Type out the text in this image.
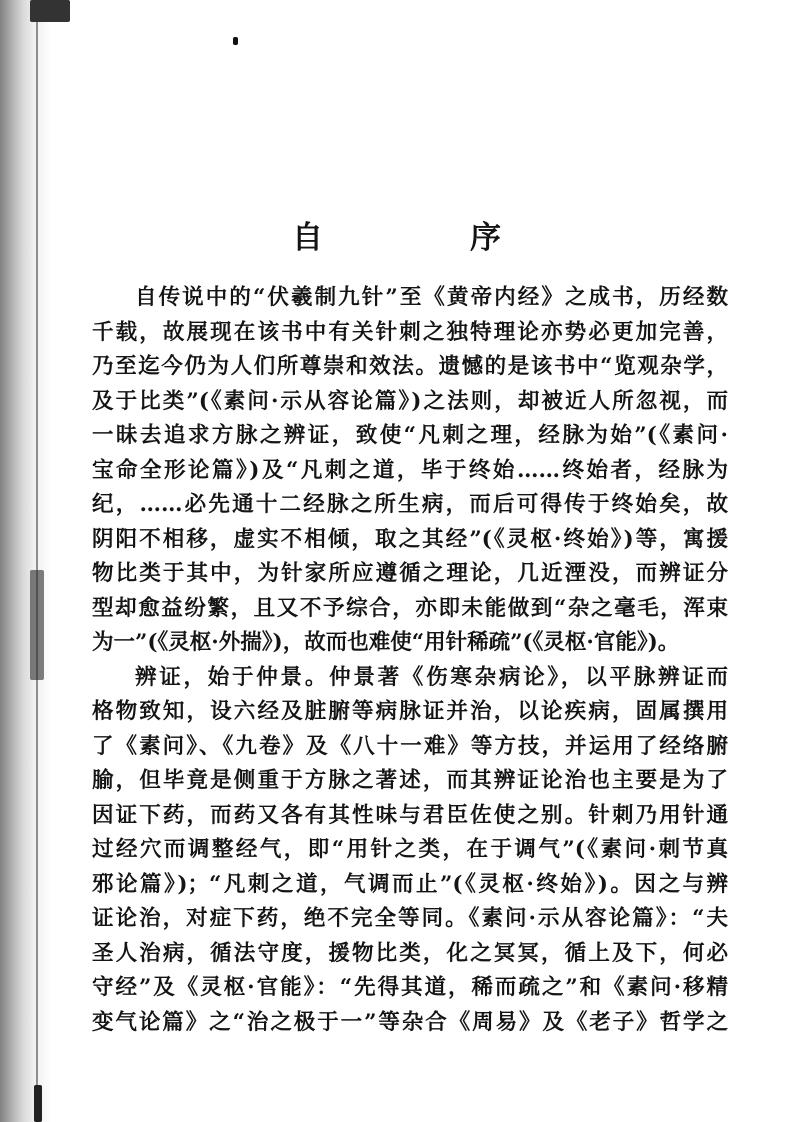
自　序
自传说中的“伏羲制九针”至《黄帝内经》之成书，历经数
千载，故展现在该书中有关针刺之独特理论亦势必更加完善，
乃至迄今仍为人们所尊崇和效法。遗憾的是该书中“览观杂学，
及于比类”(《素问·示从容论篇》)之法则，却被近人所忽视，而
一昧去追求方脉之辨证，致使“凡刺之理，经脉为始”(《素问·
宝命全形论篇》)及“凡刺之道，毕于终始……终始者，经脉为
纪，……必先通十二经脉之所生病，而后可得传于终始矣，故
阴阳不相移，虚实不相倾，取之其经”(《灵枢·终始》)等，寓援
物比类于其中，为针家所应遵循之理论，几近湮没，而辨证分
型却愈益纷繁，且又不予综合，亦即未能做到“杂之毫毛，浑束
为一”(《灵枢·外揣》)，故而也难使“用针稀疏”(《灵枢·官能》)。
辨证，始于仲景。仲景著《伤寒杂病论》，以平脉辨证而
格物致知，设六经及脏腑等病脉证并治，以论疾病，固属撰用
了《素问》、《九卷》及《八十一难》等方技，并运用了经络腑
腧，但毕竟是侧重于方脉之著述，而其辨证论治也主要是为了
因证下药，而药又各有其性味与君臣佐使之别。针刺乃用针通
过经穴而调整经气，即“用针之类，在于调气”(《素问·刺节真
邪论篇》)；“凡刺之道，气调而止”(《灵枢·终始》)。因之与辨
证论治，对症下药，绝不完全等同。《素问·示从容论篇》：“夫
圣人治病，循法守度，援物比类，化之冥冥，循上及下，何必
守经”及《灵枢·官能》：“先得其道，稀而疏之”和《素问·移精
变气论篇》之“治之极于一”等杂合《周易》及《老子》哲学之
